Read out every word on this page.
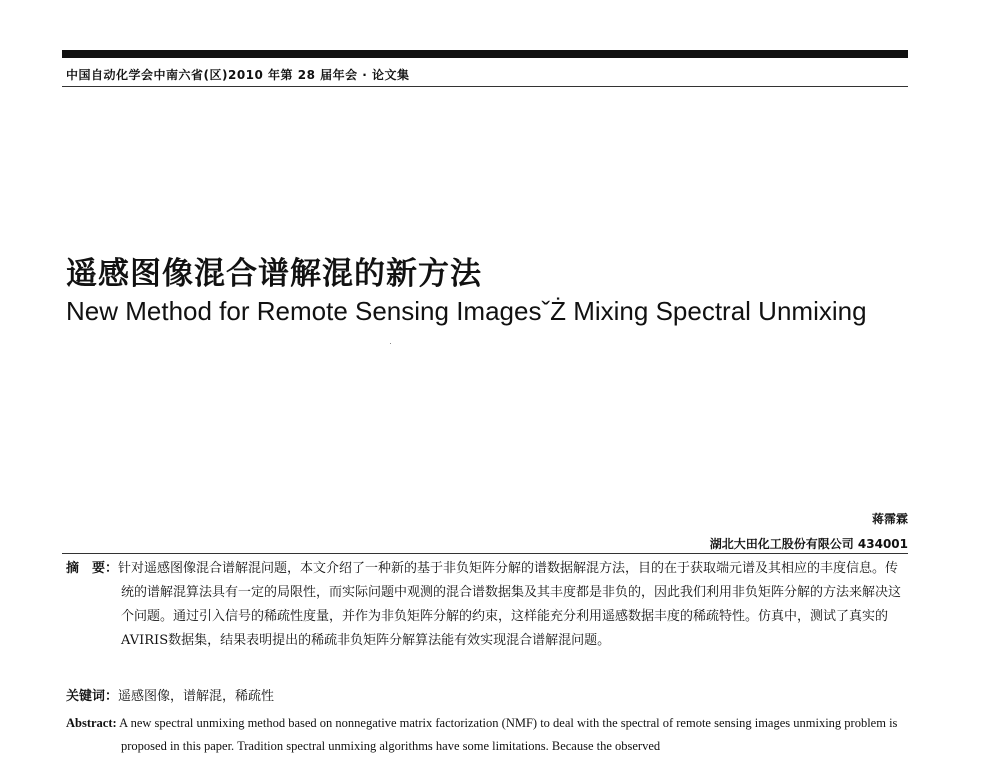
中国自动化学会中南六省(区)2010 年第 28 届年会 · 论文集
遥感图像混合谱解混的新方法
New Method for Remote Sensing ImagesˇŻ Mixing Spectral Unmixing
蒋霈霖
湖北大田化工股份有限公司 434001
摘　要：针对遥感图像混合谱解混问题，本文介绍了一种新的基于非负矩阵分解的谱数据解混方法，目的在于获取端元谱及其相应的丰度信息。传统的谱解混算法具有一定的局限性，而实际问题中观测的混合谱数据集及其丰度都是非负的，因此我们利用非负矩阵分解的方法来解决这个问题。通过引入信号的稀疏性度量，并作为非负矩阵分解的约束，这样能充分利用遥感数据丰度的稀疏特性。仿真中，测试了真实的AVIRIS数据集，结果表明提出的稀疏非负矩阵分解算法能有效实现混合谱解混问题。
关键词：遥感图像，谱解混，稀疏性
Abstract: A new spectral unmixing method based on nonnegative matrix factorization (NMF) to deal with the spectral of remote sensing images unmixing problem is proposed in this paper. Tradition spectral unmixing algorithms have some limitations. Because the observed
